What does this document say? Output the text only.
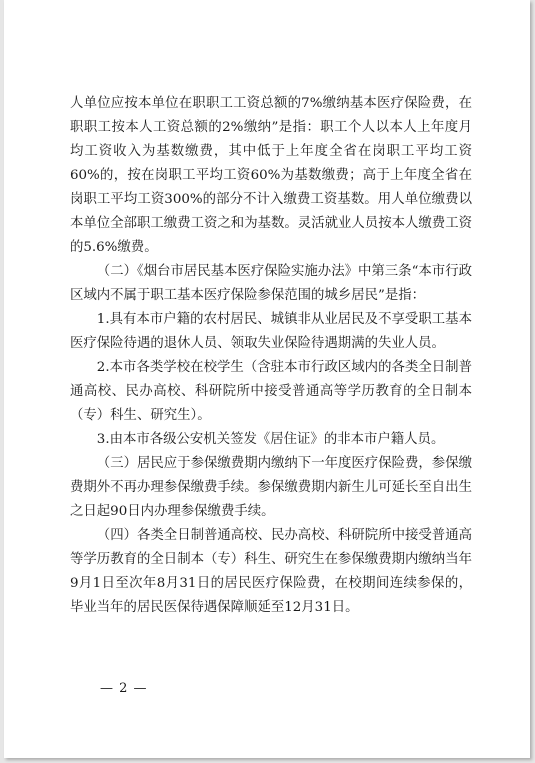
人单位应按本单位在职职工工资总额的7%缴纳基本医疗保险费，在职职工按本人工资总额的2%缴纳”是指：职工个人以本人上年度月均工资收入为基数缴费，其中低于上年度全省在岗职工平均工资60%的，按在岗职工平均工资60%为基数缴费；高于上年度全省在岗职工平均工资300%的部分不计入缴费工资基数。用人单位缴费以本单位全部职工缴费工资之和为基数。灵活就业人员按本人缴费工资的5.6%缴费。

（二）《烟台市居民基本医疗保险实施办法》中第三条“本市行政区域内不属于职工基本医疗保险参保范围的城乡居民”是指：

1.具有本市户籍的农村居民、城镇非从业居民及不享受职工基本医疗保险待遇的退休人员、领取失业保险待遇期满的失业人员。

2.本市各类学校在校学生（含驻本市行政区域内的各类全日制普通高校、民办高校、科研院所中接受普通高等学历教育的全日制本（专）科生、研究生）。

3.由本市各级公安机关签发《居住证》的非本市户籍人员。

（三）居民应于参保缴费期内缴纳下一年度医疗保险费，参保缴费期外不再办理参保缴费手续。参保缴费期内新生儿可延长至自出生之日起90日内办理参保缴费手续。

（四）各类全日制普通高校、民办高校、科研院所中接受普通高等学历教育的全日制本（专）科生、研究生在参保缴费期内缴纳当年9月1日至次年8月31日的居民医疗保险费，在校期间连续参保的，毕业当年的居民医保待遇保障顺延至12月31日。

— 2 —
